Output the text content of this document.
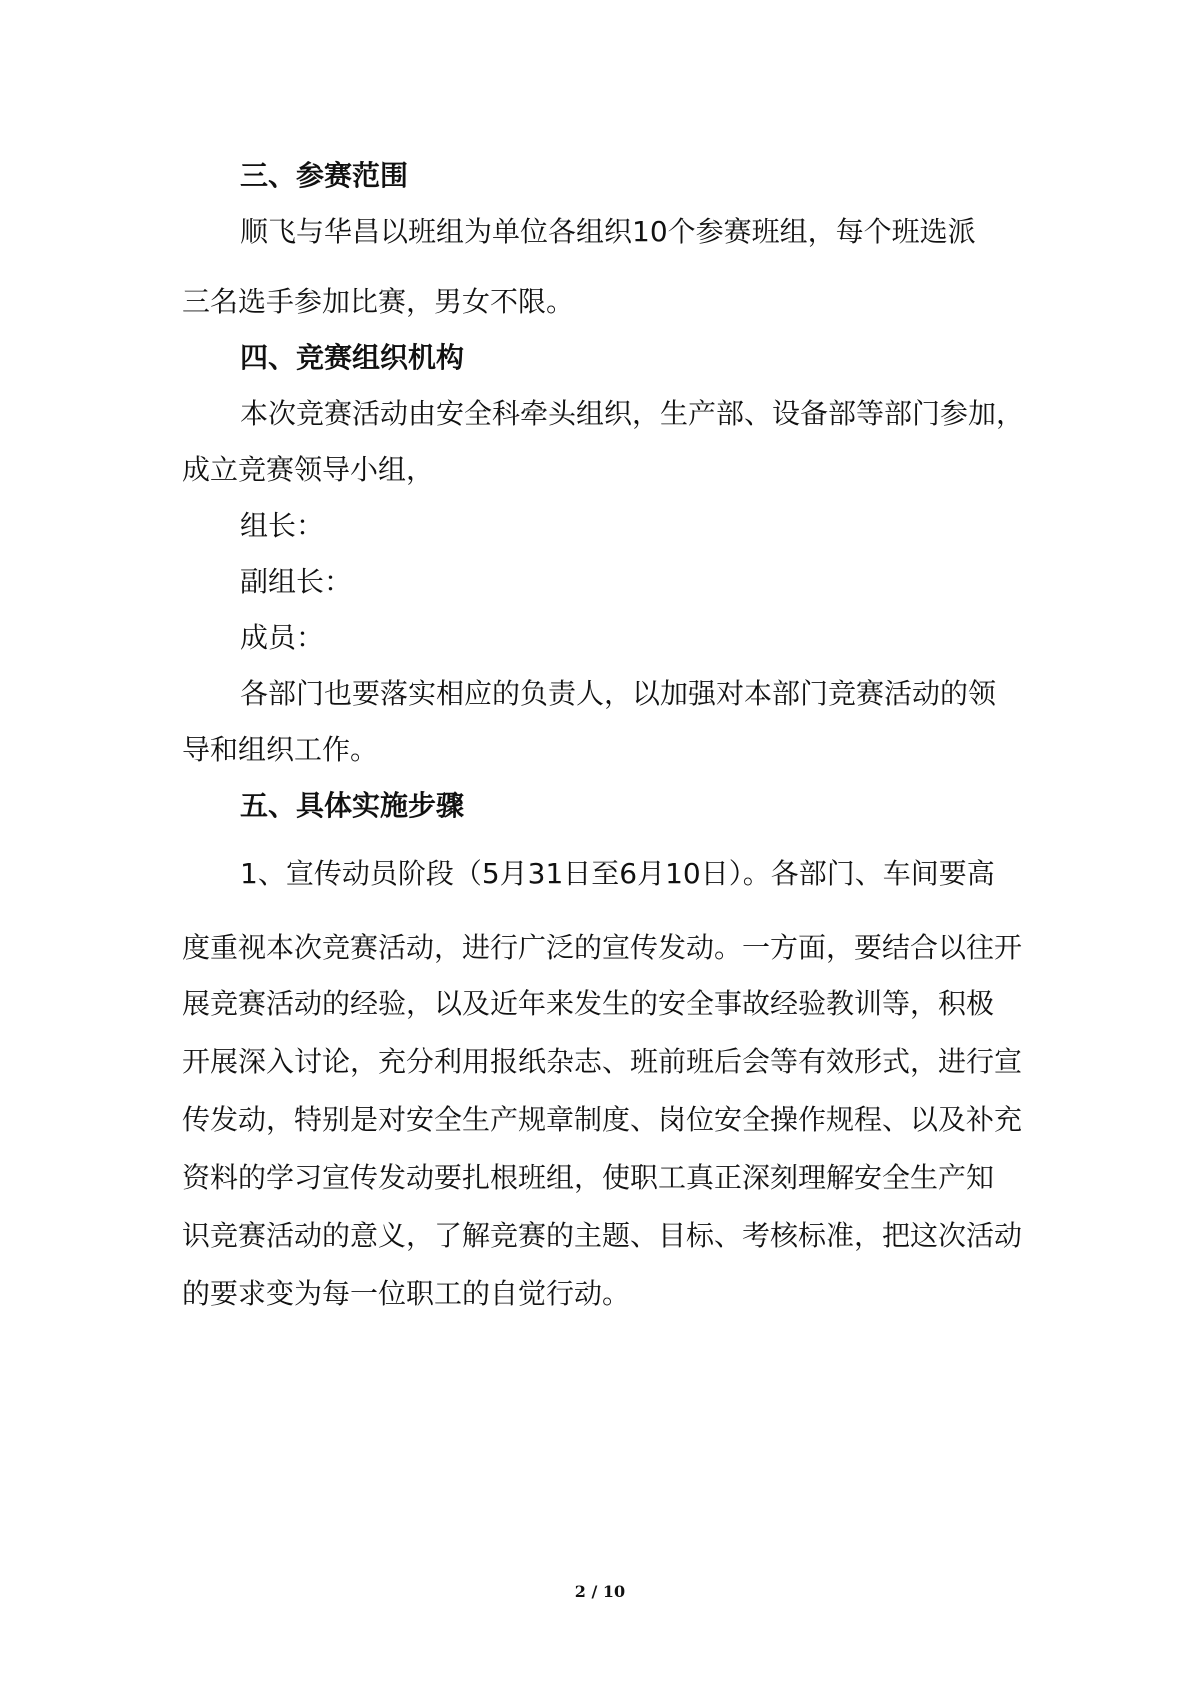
三、参赛范围
顺飞与华昌以班组为单位各组织10个参赛班组，每个班选派
三名选手参加比赛，男女不限。
四、竞赛组织机构
本次竞赛活动由安全科牵头组织，生产部、设备部等部门参加，
成立竞赛领导小组，
组长：
副组长：
成员：
各部门也要落实相应的负责人，以加强对本部门竞赛活动的领
导和组织工作。
五、具体实施步骤
1、宣传动员阶段（5月31日至6月10日）。各部门、车间要高
度重视本次竞赛活动，进行广泛的宣传发动。一方面，要结合以往开
展竞赛活动的经验，以及近年来发生的安全事故经验教训等，积极
开展深入讨论，充分利用报纸杂志、班前班后会等有效形式，进行宣
传发动，特别是对安全生产规章制度、岗位安全操作规程、以及补充
资料的学习宣传发动要扎根班组，使职工真正深刻理解安全生产知
识竞赛活动的意义，了解竞赛的主题、目标、考核标准，把这次活动
的要求变为每一位职工的自觉行动。
2 / 10
